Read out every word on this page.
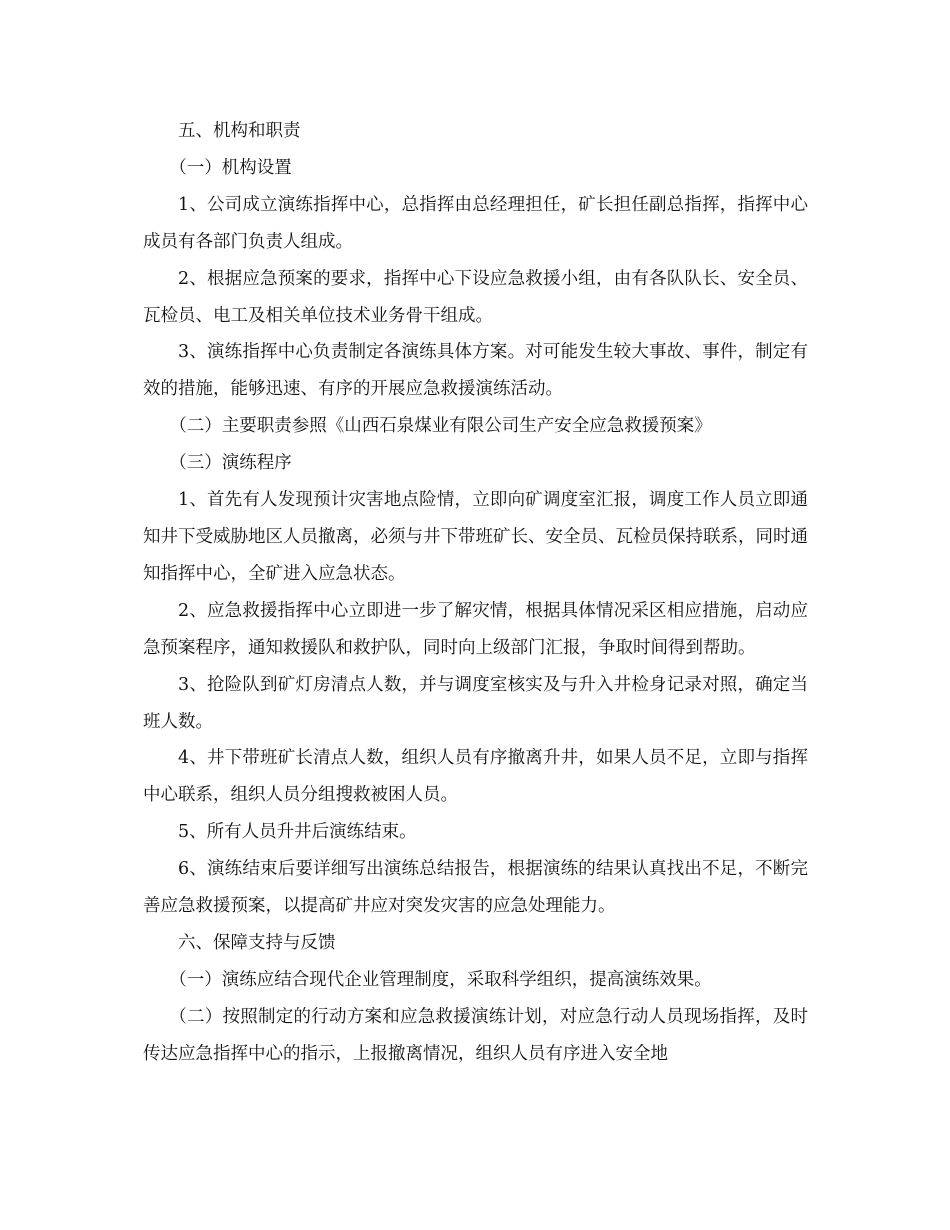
五、机构和职责

（一）机构设置

1、公司成立演练指挥中心，总指挥由总经理担任，矿长担任副总指挥，指挥中心成员有各部门负责人组成。

2、根据应急预案的要求，指挥中心下设应急救援小组，由有各队队长、安全员、瓦检员、电工及相关单位技术业务骨干组成。

3、演练指挥中心负责制定各演练具体方案。对可能发生较大事故、事件，制定有效的措施，能够迅速、有序的开展应急救援演练活动。

（二）主要职责参照《山西石泉煤业有限公司生产安全应急救援预案》

（三）演练程序

1、首先有人发现预计灾害地点险情，立即向矿调度室汇报，调度工作人员立即通知井下受威胁地区人员撤离，必须与井下带班矿长、安全员、瓦检员保持联系，同时通知指挥中心，全矿进入应急状态。

2、应急救援指挥中心立即进一步了解灾情，根据具体情况采区相应措施，启动应急预案程序，通知救援队和救护队，同时向上级部门汇报，争取时间得到帮助。

3、抢险队到矿灯房清点人数，并与调度室核实及与升入井检身记录对照，确定当班人数。

4、井下带班矿长清点人数，组织人员有序撤离升井，如果人员不足，立即与指挥中心联系，组织人员分组搜救被困人员。

5、所有人员升井后演练结束。

6、演练结束后要详细写出演练总结报告，根据演练的结果认真找出不足，不断完善应急救援预案，以提高矿井应对突发灾害的应急处理能力。

六、保障支持与反馈

（一）演练应结合现代企业管理制度，采取科学组织，提高演练效果。

（二）按照制定的行动方案和应急救援演练计划，对应急行动人员现场指挥，及时传达应急指挥中心的指示，上报撤离情况，组织人员有序进入安全地
